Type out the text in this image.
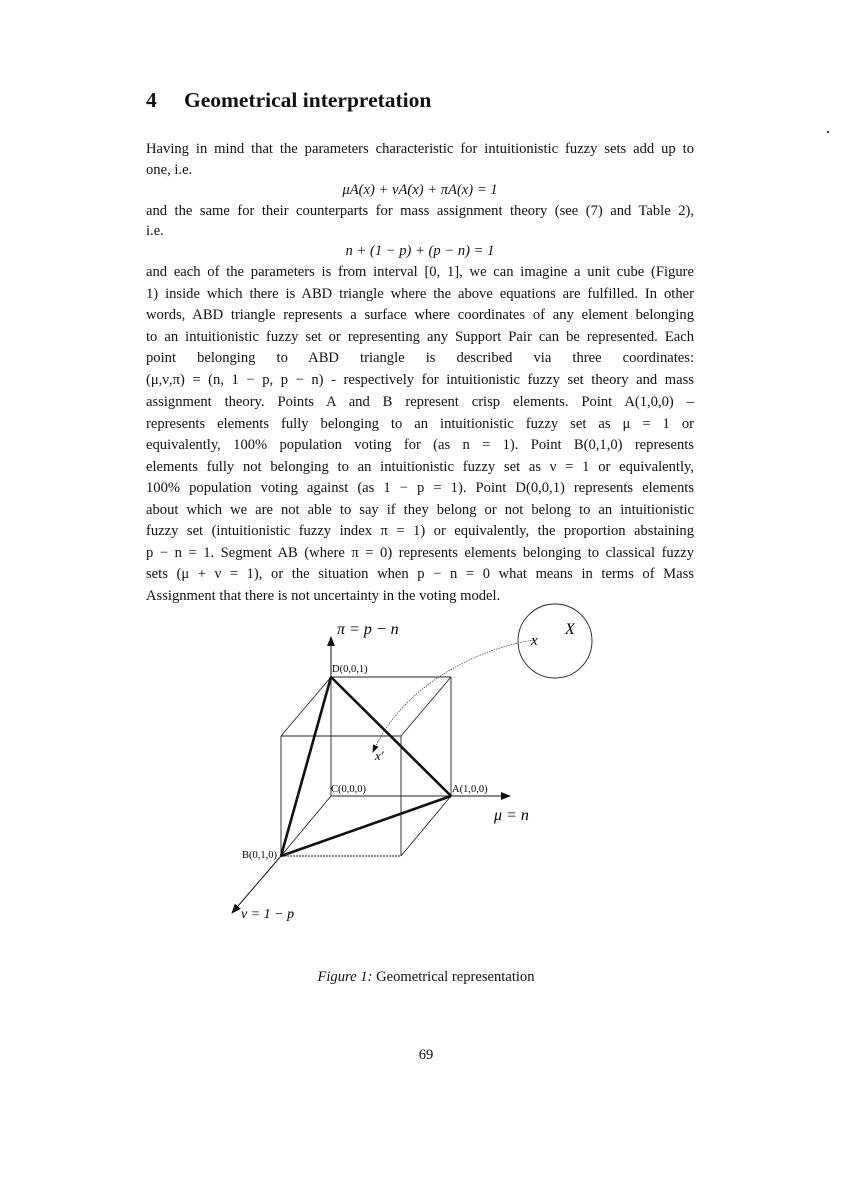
4 Geometrical interpretation
Having in mind that the parameters characteristic for intuitionistic fuzzy sets add up to
one, i.e.
μA(x) + νA(x) + πA(x) = 1
and the same for their counterparts for mass assignment theory (see (7) and Table 2),
i.e.
n + (1 − p) + (p − n) = 1
and each of the parameters is from interval [0, 1], we can imagine a unit cube (Figure
1) inside which there is ABD triangle where the above equations are fulfilled. In other
words, ABD triangle represents a surface where coordinates of any element belonging
to an intuitionistic fuzzy set or representing any Support Pair can be represented. Each
point belonging to ABD triangle is described via three coordinates:
(μ,ν,π) = (n, 1 − p, p − n) - respectively for intuitionistic fuzzy set theory and mass
assignment theory. Points A and B represent crisp elements. Point A(1,0,0) –
represents elements fully belonging to an intuitionistic fuzzy set as μ = 1 or
equivalently, 100% population voting for (as n = 1). Point B(0,1,0) represents
elements fully not belonging to an intuitionistic fuzzy set as ν = 1 or equivalently,
100% population voting against (as 1 − p = 1). Point D(0,0,1) represents elements
about which we are not able to say if they belong or not belong to an intuitionistic
fuzzy set (intuitionistic fuzzy index π = 1) or equivalently, the proportion abstaining
p − n = 1. Segment AB (where π = 0) represents elements belonging to classical fuzzy
sets (μ + ν = 1), or the situation when p − n = 0 what means in terms of Mass
Assignment that there is not uncertainty in the voting model.
π = p − n
μ = n
ν = 1 − p
D(0,0,1)
C(0,0,0)	A(1,0,0)
B(0,1,0)
X
x
x'
Figure 1: Geometrical representation
69
